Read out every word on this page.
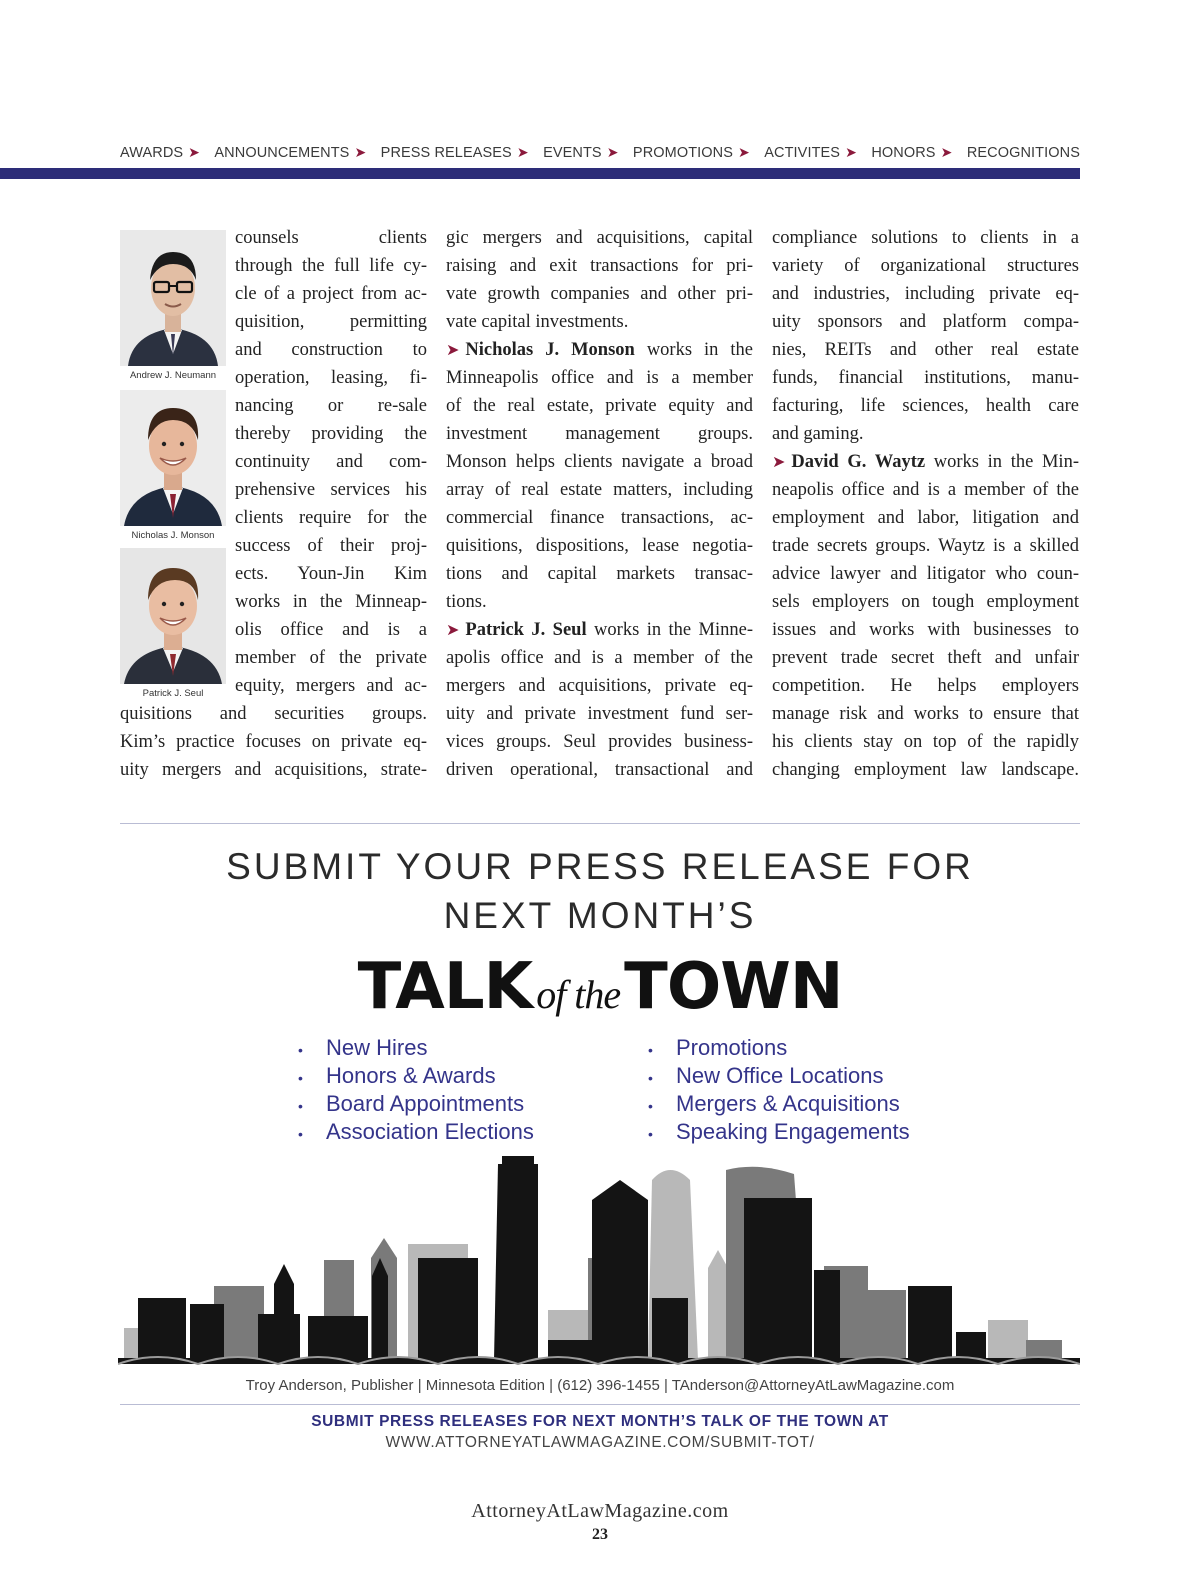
AWARDS ➤ ANNOUNCEMENTS ➤ PRESS RELEASES ➤ EVENTS ➤ PROMOTIONS ➤ ACTIVITES ➤ HONORS ➤ RECOGNITIONS
Andrew J. Neumann
Nicholas J. Monson
Patrick J. Seul
counsels clients
through the full life cy-
cle of a project from ac-
quisition, permitting
and construction to
operation, leasing, fi-
nancing or re-sale
thereby providing the
continuity and com-
prehensive services his
clients require for the
success of their proj-
ects. Youn-Jin Kim
works in the Minneap-
olis office and is a
member of the private
equity, mergers and ac-
quisitions and securities groups.
Kim’s practice focuses on private eq-
uity mergers and acquisitions, strate-
gic mergers and acquisitions, capital
raising and exit transactions for pri-
vate growth companies and other pri-
vate capital investments.
➤ Nicholas J. Monson works in the
Minneapolis office and is a member
of the real estate, private equity and
investment management groups.
Monson helps clients navigate a broad
array of real estate matters, including
commercial finance transactions, ac-
quisitions, dispositions, lease negotia-
tions and capital markets transac-
tions.
➤ Patrick J. Seul works in the Minne-
apolis office and is a member of the
mergers and acquisitions, private eq-
uity and private investment fund ser-
vices groups. Seul provides business-
driven operational, transactional and
compliance solutions to clients in a
variety of organizational structures
and industries, including private eq-
uity sponsors and platform compa-
nies, REITs and other real estate
funds, financial institutions, manu-
facturing, life sciences, health care
and gaming.
➤ David G. Waytz works in the Min-
neapolis office and is a member of the
employment and labor, litigation and
trade secrets groups. Waytz is a skilled
advice lawyer and litigator who coun-
sels employers on tough employment
issues and works with businesses to
prevent trade secret theft and unfair
competition. He helps employers
manage risk and works to ensure that
his clients stay on top of the rapidly
changing employment law landscape.
SUBMIT YOUR PRESS RELEASE FOR
NEXT MONTH’S
TALK of theTOWN
• New Hires
• Honors & Awards
• Board Appointments
• Association Elections
• Promotions
• New Office Locations
• Mergers & Acquisitions
• Speaking Engagements
Troy Anderson, Publisher | Minnesota Edition | (612) 396-1455 | TAnderson@AttorneyAtLawMagazine.com
SUBMIT PRESS RELEASES FOR NEXT MONTH’S TALK OF THE TOWN AT
WWW.ATTORNEYATLAWMAGAZINE.COM/SUBMIT-TOT/
AttorneyAtLawMagazine.com
23
